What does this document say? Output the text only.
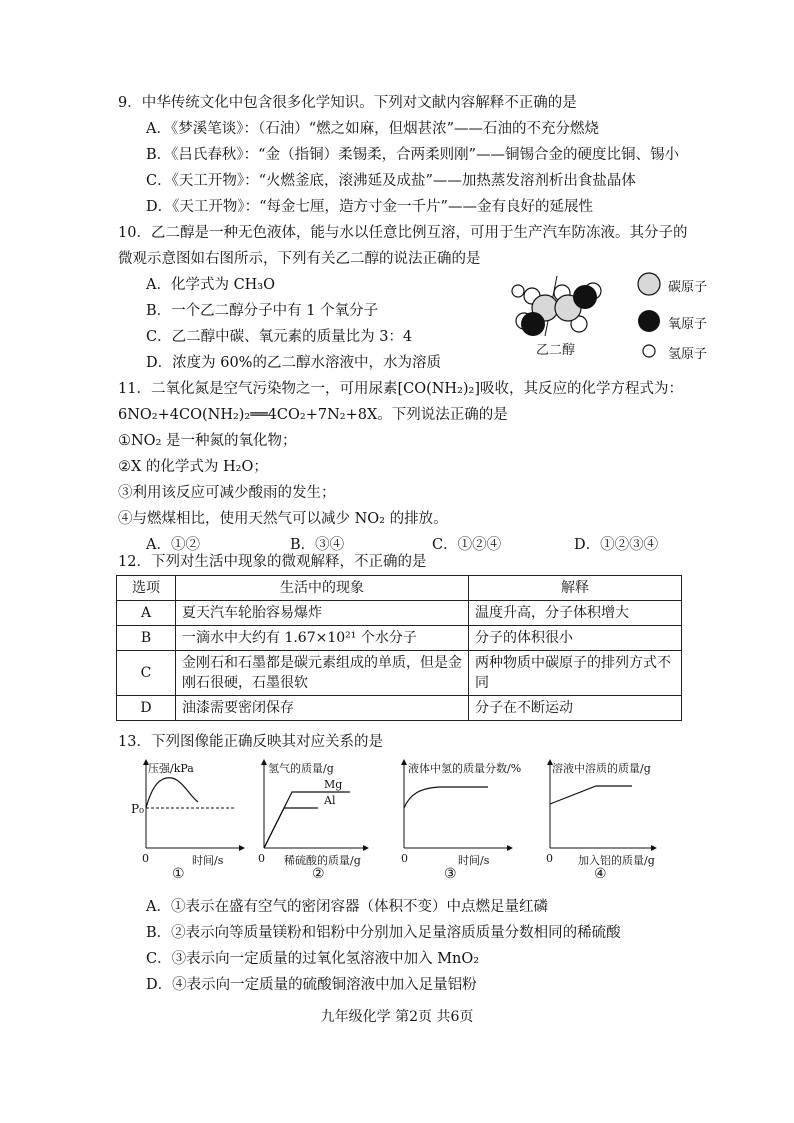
9．中华传统文化中包含很多化学知识。下列对文献内容解释不正确的是
A．《梦溪笔谈》：（石油）“燃之如麻，但烟甚浓”——石油的不充分燃烧
B．《吕氏春秋》：“金（指铜）柔锡柔，合两柔则刚”——铜锡合金的硬度比铜、锡小
C．《天工开物》：“火燃釜底，滚沸延及成盐”——加热蒸发溶剂析出食盐晶体
D．《天工开物》：“每金七厘，造方寸金一千片”——金有良好的延展性
10．乙二醇是一种无色液体，能与水以任意比例互溶，可用于生产汽车防冻液。其分子的
微观示意图如右图所示，下列有关乙二醇的说法正确的是
A．化学式为 CH₃O
B．一个乙二醇分子中有 1 个氧分子
C．乙二醇中碳、氧元素的质量比为 3：4
D．浓度为 60%的乙二醇水溶液中，水为溶质
乙二醇
碳原子
氧原子
氢原子
11．二氧化氮是空气污染物之一，可用尿素[CO(NH₂)₂]吸收，其反应的化学方程式为：
6NO₂+4CO(NH₂)₂══4CO₂+7N₂+8X。下列说法正确的是
①NO₂ 是一种氮的氧化物；
②X 的化学式为 H₂O；
③利用该反应可减少酸雨的发生；
④与燃煤相比，使用天然气可以减少 NO₂ 的排放。
A．①②	B．③④	C．①②④	D．①②③④
12．下列对生活中现象的微观解释，不正确的是
选项	生活中的现象	解释
A	夏天汽车轮胎容易爆炸	温度升高，分子体积增大
B	一滴水中大约有 1.67×10²¹ 个水分子	分子的体积很小
C	金刚石和石墨都是碳元素组成的单质，但是金刚石很硬，石墨很软	两种物质中碳原子的排列方式不同
D	油漆需要密闭保存	分子在不断运动
13．下列图像能正确反映其对应关系的是
压强/kPa
P₀
0	时间/s
①
氢气的质量/g
Mg
Al
0 稀硫酸的质量/g
②
液体中氢的质量分数/%
0	时间/s
③
溶液中溶质的质量/g
0 加入铝的质量/g
④
A．①表示在盛有空气的密闭容器（体积不变）中点燃足量红磷
B．②表示向等质量镁粉和铝粉中分别加入足量溶质质量分数相同的稀硫酸
C．③表示向一定质量的过氧化氢溶液中加入 MnO₂
D．④表示向一定质量的硫酸铜溶液中加入足量铝粉
九年级化学 第2页 共6页
